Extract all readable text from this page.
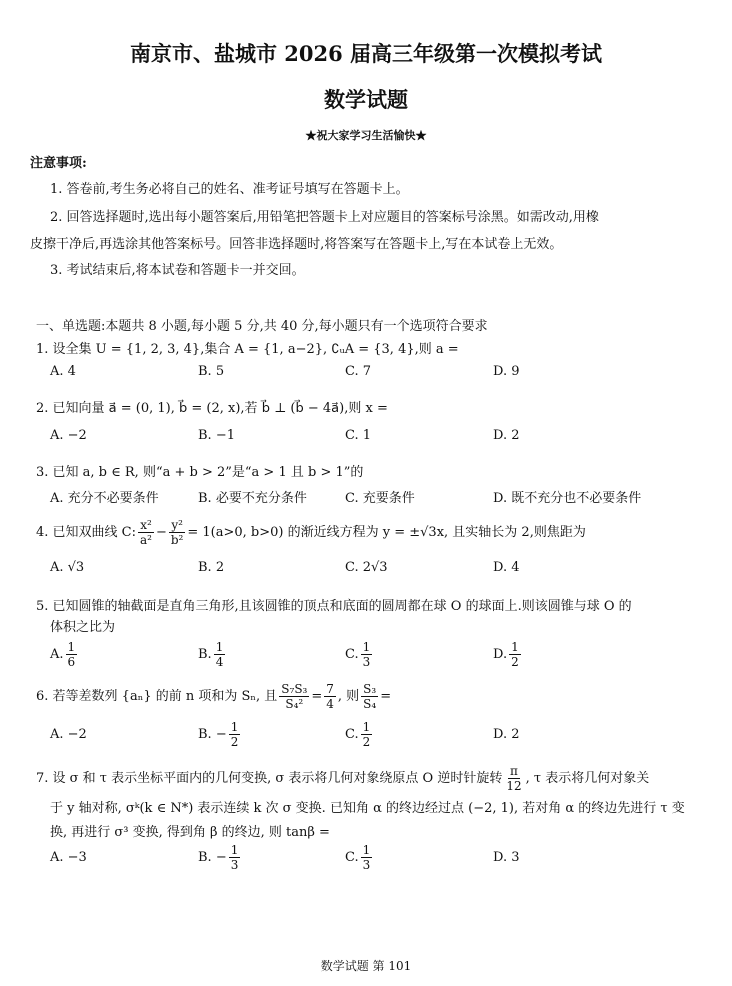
南京市、盐城市 2026 届高三年级第一次模拟考试
数学试题
★祝大家学习生活愉快★
注意事项:
1. 答卷前,考生务必将自己的姓名、准考证号填写在答题卡上。
2. 回答选择题时,选出每小题答案后,用铅笔把答题卡上对应题目的答案标号涂黑。如需改动,用橡
皮擦干净后,再选涂其他答案标号。回答非选择题时,将答案写在答题卡上,写在本试卷上无效。
3. 考试结束后,将本试卷和答题卡一并交回。
一、单选题:本题共 8 小题,每小题 5 分,共 40 分,每小题只有一个选项符合要求
1. 设全集 U = {1, 2, 3, 4},集合 A = {1, a−2}, ∁ᵤA = {3, 4},则 a =
A. 4	B. 5	C. 7	D. 9
2. 已知向量 a⃗ = (0, 1), b⃗ = (2, x),若 b⃗ ⊥ (b⃗ − 4a⃗),则 x =
A. −2	B. −1	C. 1	D. 2
3. 已知 a, b ∈ R, 则“a + b > 2”是“a > 1 且 b > 1”的
A. 充分不必要条件	B. 必要不充分条件	C. 充要条件	D. 既不充分也不必要条件
4. 已知双曲线 C: $\frac{\text{x²}}{\text{a²}} - \frac{\text{y²}}{\text{b²}} = 1(a>0$, b>0) 的渐近线方程为 y = ±√3x, 且实轴长为 2,则焦距为
A. √3	B. 2	C. 2√3	D. 4
5. 已知圆锥的轴截面是直角三角形,且该圆锥的顶点和底面的圆周都在球 O 的球面上.则该圆锥与球 O 的
体积之比为
A. $\frac{1}{6}$	B. $\frac{1}{4}$	C. $\frac{1}{3}$	D. $\frac{1}{2}$
6. 若等差数列 {aₙ} 的前 n 项和为 Sₙ, 且 $\frac{\text{S₇S₃}}{\text{S₄²}} = \frac{7}{4}$ , 则 $\frac{\text{S₃}}{\text{S₄}}$ =
A. −2	B. − $\frac{1}{2}$	C. $\frac{1}{2}$	D. 2
7. 设 σ 和 τ 表示坐标平面内的几何变换, σ 表示将几何对象绕原点 O 逆时针旋转 $\frac{\pi}{12}$ , τ 表示将几何对象关
于 y 轴对称, σᵏ(k ∈ N*) 表示连续 k 次 σ 变换. 已知角 α 的终边经过点 (−2, 1), 若对角 α 的终边先进行 τ 变
换, 再进行 σ³ 变换, 得到角 β 的终边, 则 tanβ =
A. −3	B. − $\frac{1}{3}$	C. $\frac{1}{3}$	D. 3
数学试题 第 101
